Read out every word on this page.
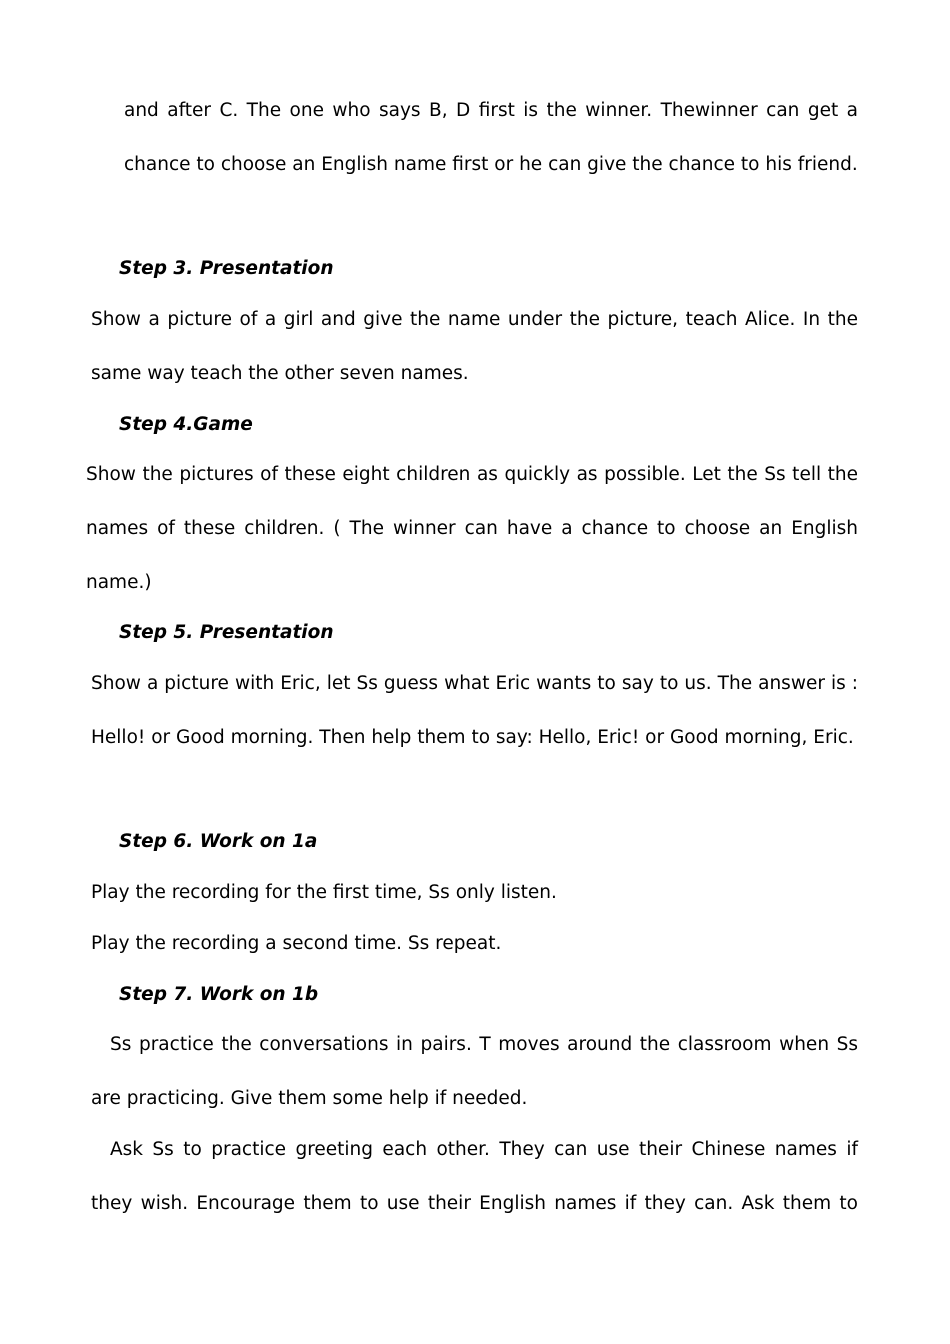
and after C. The one who says B, D first is the winner. Thewinner can get a chance to choose an English name first or he can give the chance to his friend.

Step 3. Presentation

Show a picture of a girl and give the name under the picture, teach Alice. In the same way teach the other seven names.

Step 4.Game

Show the pictures of these eight children as quickly as possible. Let the Ss tell the names of these children. ( The winner can have a chance to choose an English name.)

Step 5. Presentation

Show a picture with Eric, let Ss guess what Eric wants to say to us. The answer is : Hello! or Good morning. Then help them to say: Hello, Eric! or Good morning, Eric.

Step 6. Work on 1a

Play the recording for the first time, Ss only listen.

Play the recording a second time. Ss repeat.

Step 7. Work on 1b

Ss practice the conversations in pairs. T moves around the classroom when Ss are practicing. Give them some help if needed.

Ask Ss to practice greeting each other. They can use their Chinese names if they wish. Encourage them to use their English names if they can. Ask them to
